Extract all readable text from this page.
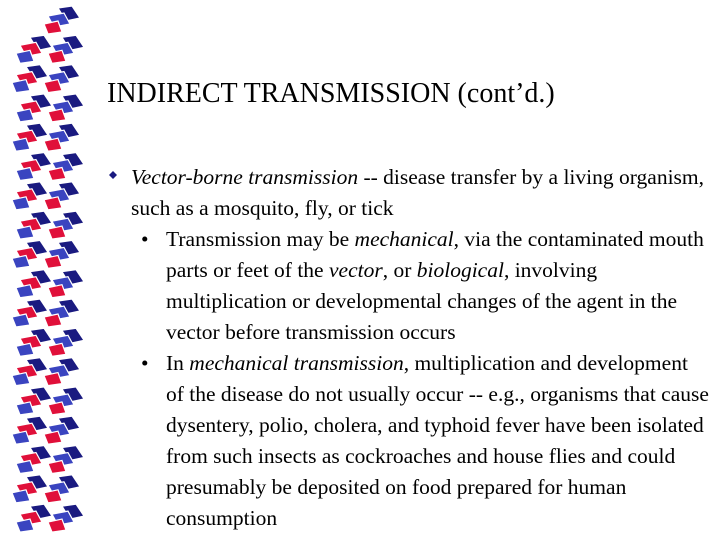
INDIRECT TRANSMISSION (cont’d.)

Vector-borne transmission -- disease transfer by a living organism, such as a mosquito, fly, or tick

• Transmission may be mechanical, via the contaminated mouth parts or feet of the vector, or biological, involving multiplication or developmental changes of the agent in the vector before transmission occurs
• In mechanical transmission, multiplication and development of the disease do not usually occur -- e.g., organisms that cause dysentery, polio, cholera, and typhoid fever have been isolated from such insects as cockroaches and house flies and could presumably be deposited on food prepared for human consumption
